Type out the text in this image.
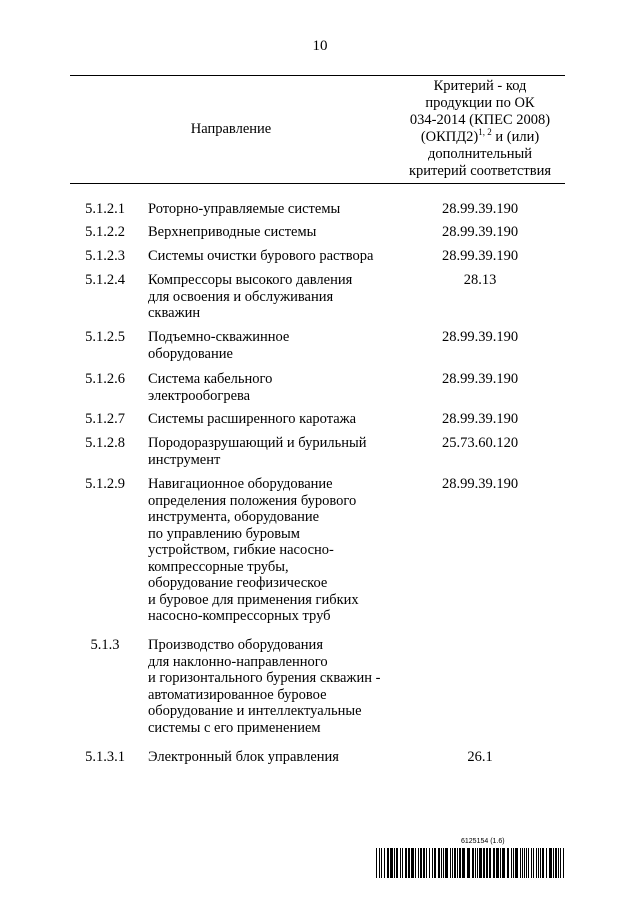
10
Направление
Критерий - код
продукции по ОК
034-2014 (КПЕС 2008)
(ОКПД2)$^{1, 2}$ и (или)
дополнительный
критерий соответствия
5.1.2.1	Роторно-управляемые системы	28.99.39.190
5.1.2.2	Верхнеприводные системы	28.99.39.190
5.1.2.3	Системы очистки бурового раствора	28.99.39.190
5.1.2.4	Компрессоры высокого давления
для освоения и обслуживания
скважин
28.13
5.1.2.5	Подъемно-скважинное
оборудование
28.99.39.190
5.1.2.6	Система кабельного
электрообогрева
28.99.39.190
5.1.2.7	Системы расширенного каротажа	28.99.39.190
5.1.2.8	Породоразрушающий и бурильный
инструмент
25.73.60.120
5.1.2.9	Навигационное оборудование
определения положения бурового
инструмента, оборудование
по управлению буровым
устройством, гибкие насосно-
компрессорные трубы,
оборудование геофизическое
и буровое для применения гибких
насосно-компрессорных труб
28.99.39.190
5.1.3	Производство оборудования
для наклонно-направленного
и горизонтального бурения скважин -
автоматизированное буровое
оборудование и интеллектуальные
системы с его применением
5.1.3.1	Электронный блок управления	26.1
6125154 (1.6)
